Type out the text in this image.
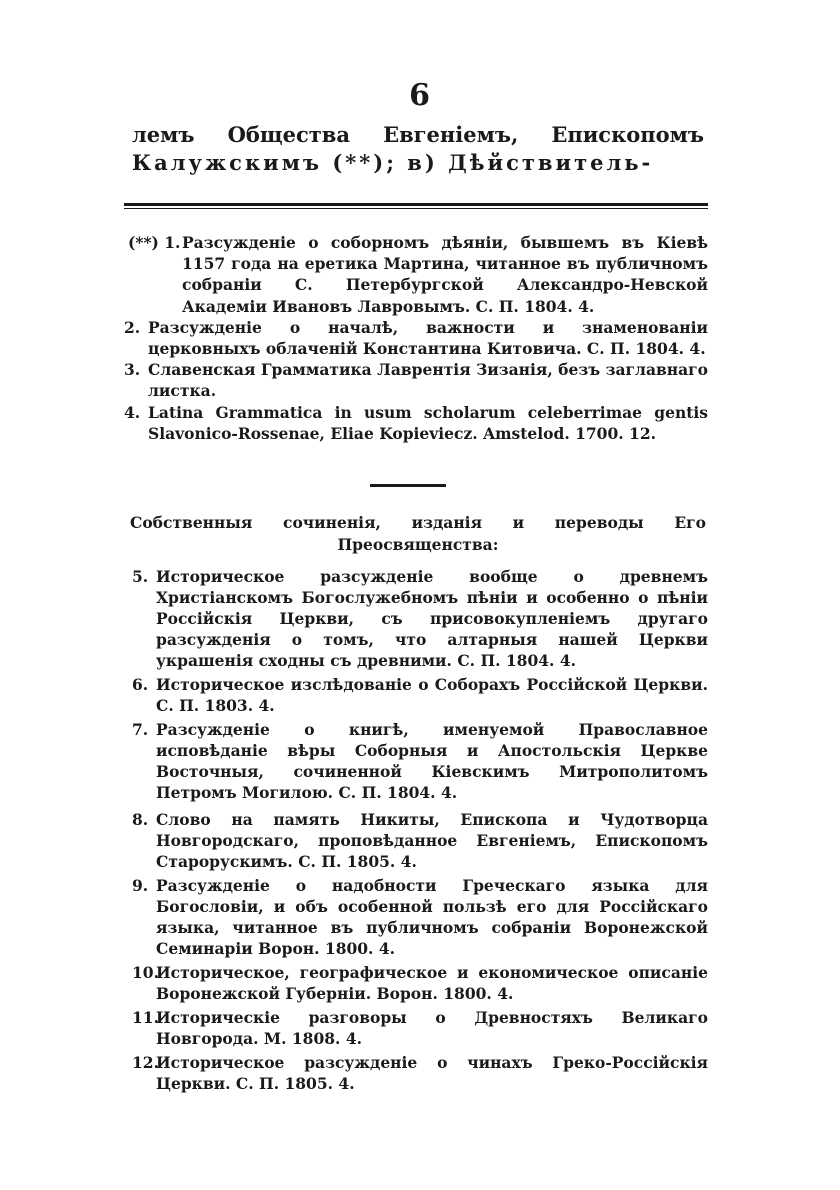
6
лемъ Общества Евгеніемъ, Епископомъ
Калужскимъ (**); в) Дѣйствитель-
(**) 1. Разсужденіе о соборномъ дѣяніи, бывшемъ въ Кіевѣ 1157 года на еретика Мартина, читанное въ публичномъ собраніи С. Петербургской Александро-Невской Академіи Ивановъ Лавровымъ. С. П. 1804. 4.
2. Разсужденіе о началѣ, важности и знаменованіи церковныхъ облаченій Константина Китовича. С. П. 1804. 4.
3. Славенская Грамматика Лаврентія Зизанія, безъ заглавнаго листка.
4. Latina Grammatica in usum scholarum celeberrimae gentis Slavonico-Rossenae, Eliae Kopieviecz. Amstelod. 1700. 12.
Собственныя сочиненія, изданія и переводы Его Преосвященства:
5. Историческое разсужденіе вообще о древнемъ Христіанскомъ Богослужебномъ пѣніи и особенно о пѣніи Россійскія Церкви, съ присовокупленіемъ другаго разсужденія о томъ, что алтарныя нашей Церкви украшенія сходны съ древними. С. П. 1804. 4.
6. Историческое изслѣдованіе о Соборахъ Россійской Церкви. С. П. 1803. 4.
7. Разсужденіе о книгѣ, именуемой Православное исповѣданіе вѣры Соборныя и Апостольскія Церкве Восточныя, сочиненной Кіевскимъ Митрополитомъ Петромъ Могилою. С. П. 1804. 4.
8. Слово на память Никиты, Епископа и Чудотворца Новгородскаго, проповѣданное Евгеніемъ, Епископомъ Старорускимъ. С. П. 1805. 4.
9. Разсужденіе о надобности Греческаго языка для Богословіи, и объ особенной пользѣ его для Россійскаго языка, читанное въ публичномъ собраніи Воронежской Семинаріи Ворон. 1800. 4.
10.
Историческое, географическое и економическое описаніе Воронежской Губерніи. Ворон. 1800. 4.
11.
Историческіе разговоры о Древностяхъ Великаго Новгорода. М. 1808. 4.
12.
Историческое разсужденіе о чинахъ Греко-Россійскія Церкви. С. П. 1805. 4.
